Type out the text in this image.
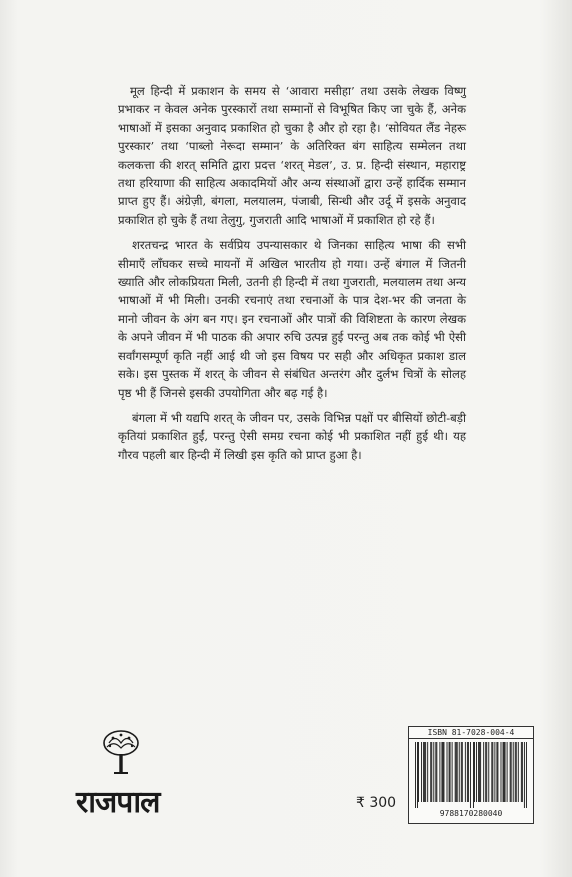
मूल हिन्दी में प्रकाशन के समय से ‘आवारा मसीहा’ तथा उसके लेखक विष्णु प्रभाकर न केवल अनेक पुरस्कारों तथा सम्मानों से विभूषित किए जा चुके हैं, अनेक भाषाओं में इसका अनुवाद प्रकाशित हो चुका है और हो रहा है। ‘सोवियत लैंड नेहरू पुरस्कार’ तथा ‘पाब्लो नेरूदा सम्मान’ के अतिरिक्त बंग साहित्य सम्मेलन तथा कलकत्ता की शरत् समिति द्वारा प्रदत्त ‘शरत् मेडल’, उ. प्र. हिन्दी संस्थान, महाराष्ट्र तथा हरियाणा की साहित्य अकादमियों और अन्य संस्थाओं द्वारा उन्हें हार्दिक सम्मान प्राप्त हुए हैं। अंग्रेज़ी, बंगला, मलयालम, पंजाबी, सिन्धी और उर्दू में इसके अनुवाद प्रकाशित हो चुके हैं तथा तेलुगु, गुजराती आदि भाषाओं में प्रकाशित हो रहे हैं।

शरतचन्द्र भारत के सर्वप्रिय उपन्यासकार थे जिनका साहित्य भाषा की सभी सीमाएँ लाँघकर सच्चे मायनों में अखिल भारतीय हो गया। उन्हें बंगाल में जितनी ख्याति और लोकप्रियता मिली, उतनी ही हिन्दी में तथा गुजराती, मलयालम तथा अन्य भाषाओं में भी मिली। उनकी रचनाएं तथा रचनाओं के पात्र देश-भर की जनता के मानो जीवन के अंग बन गए। इन रचनाओं और पात्रों की विशिष्टता के कारण लेखक के अपने जीवन में भी पाठक की अपार रुचि उत्पन्न हुई परन्तु अब तक कोई भी ऐसी सर्वांगसम्पूर्ण कृति नहीं आई थी जो इस विषय पर सही और अधिकृत प्रकाश डाल सके। इस पुस्तक में शरत् के जीवन से संबंधित अन्तरंग और दुर्लभ चित्रों के सोलह पृष्ठ भी हैं जिनसे इसकी उपयोगिता और बढ़ गई है।

बंगला में भी यद्यपि शरत् के जीवन पर, उसके विभिन्न पक्षों पर बीसियों छोटी-बड़ी कृतियां प्रकाशित हुईं, परन्तु ऐसी समग्र रचना कोई भी प्रकाशित नहीं हुई थी। यह गौरव पहली बार हिन्दी में लिखी इस कृति को प्राप्त हुआ है।

राजपाल	₹ 300
ISBN 81-7028-004-4
9788170280040
